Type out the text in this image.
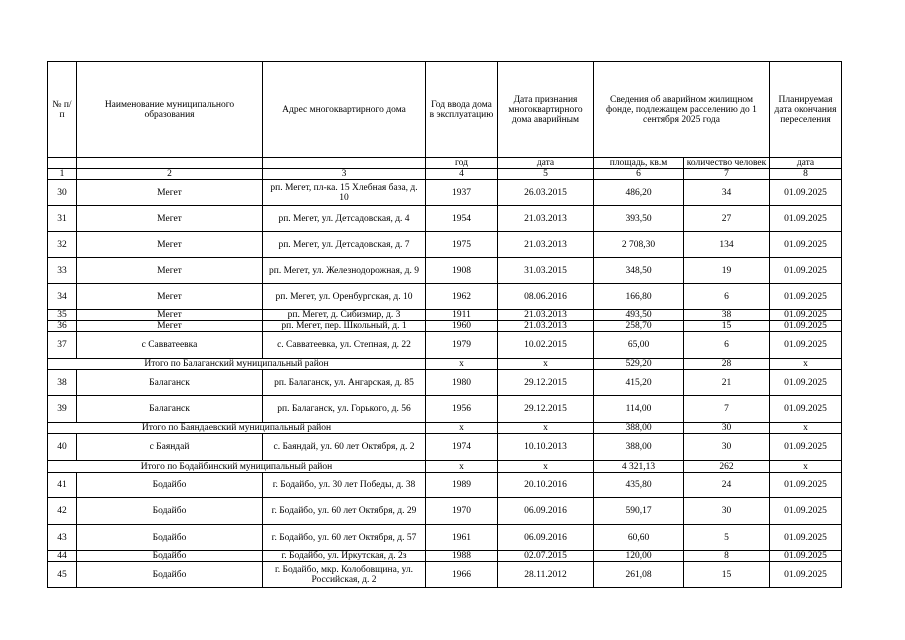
№ п/п	Наименование муниципального образования	Адрес многоквартирного дома	Год ввода дома в эксплуатацию	Дата признания многоквартирного дома аварийным	Сведения об аварийном жилищном фонде, подлежащем расселению до 1 сентября 2025 года		Планируемая дата окончания переселения
			год	дата	площадь, кв.м	количество человек	дата
1	2	3	4	5	6	7	8
30	Мегет	рп. Мегет, пл-ка. 15 Хлебная база, д. 10	1937	26.03.2015	486,20	34	01.09.2025
31	Мегет	рп. Мегет, ул. Детсадовская, д. 4	1954	21.03.2013	393,50	27	01.09.2025
32	Мегет	рп. Мегет, ул. Детсадовская, д. 7	1975	21.03.2013	2 708,30	134	01.09.2025
33	Мегет	рп. Мегет, ул. Железнодорожная, д. 9	1908	31.03.2015	348,50	19	01.09.2025
34	Мегет	рп. Мегет, ул. Оренбургская, д. 10	1962	08.06.2016	166,80	6	01.09.2025
35	Мегет	рп. Мегет, д. Сибизмир, д. 3	1911	21.03.2013	493,50	38	01.09.2025
36	Мегет	рп. Мегет, пер. Школьный, д. 1	1960	21.03.2013	258,70	15	01.09.2025
37	с Савватеевка	с. Савватеевка, ул. Степная, д. 22	1979	10.02.2015	65,00	6	01.09.2025
Итого по Балаганский муниципальный район			x	x	529,20	28	x
38	Балаганск	рп. Балаганск, ул. Ангарская, д. 85	1980	29.12.2015	415,20	21	01.09.2025
39	Балаганск	рп. Балаганск, ул. Горького, д. 56	1956	29.12.2015	114,00	7	01.09.2025
Итого по Баяндаевский муниципальный район			x	x	388,00	30	x
40	с Баяндай	с. Баяндай, ул. 60 лет Октября, д. 2	1974	10.10.2013	388,00	30	01.09.2025
Итого по Бодайбинский муниципальный район			x	x	4 321,13	262	x
41	Бодайбо	г. Бодайбо, ул. 30 лет Победы, д. 38	1989	20.10.2016	435,80	24	01.09.2025
42	Бодайбо	г. Бодайбо, ул. 60 лет Октября, д. 29	1970	06.09.2016	590,17	30	01.09.2025
43	Бодайбо	г. Бодайбо, ул. 60 лет Октября, д. 57	1961	06.09.2016	60,60	5	01.09.2025
44	Бодайбо	г. Бодайбо, ул. Иркутская, д. 2з	1988	02.07.2015	120,00	8	01.09.2025
45	Бодайбо	г. Бодайбо, мкр. Колобовщина, ул. Российская, д. 2	1966	28.11.2012	261,08	15	01.09.2025
